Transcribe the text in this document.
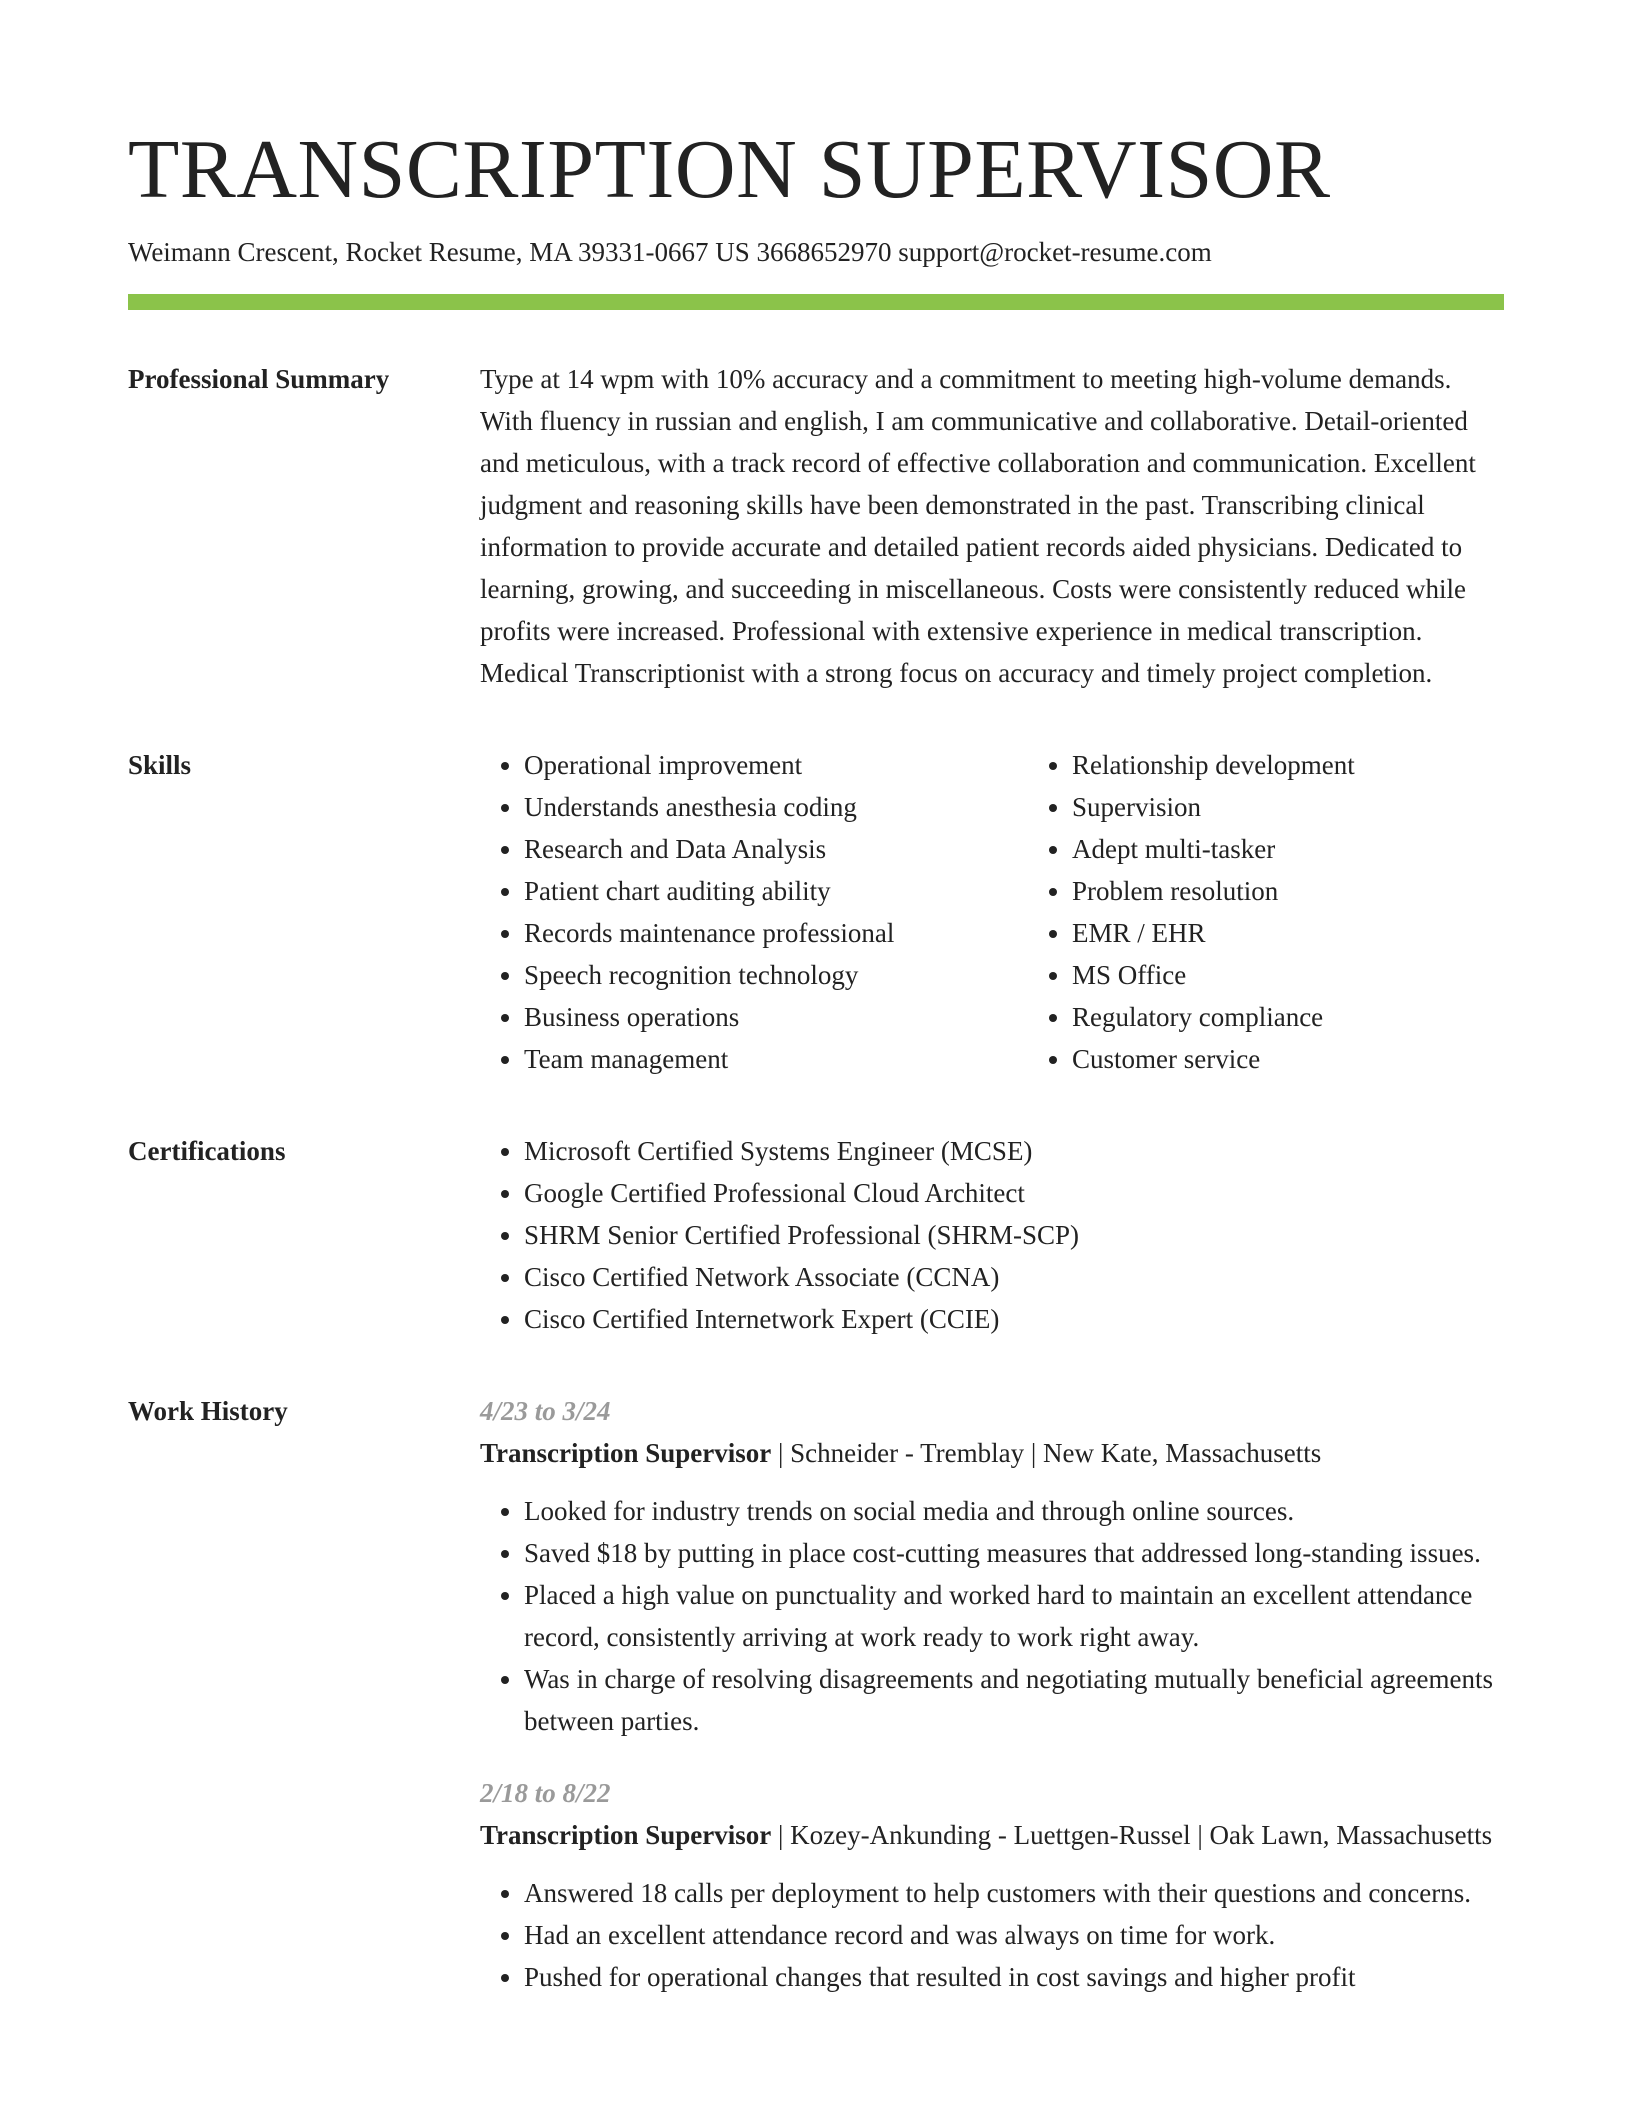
TRANSCRIPTION SUPERVISOR
Weimann Crescent, Rocket Resume, MA 39331-0667 US 3668652970 support@rocket-resume.com
Professional Summary	Type at 14 wpm with 10% accuracy and a commitment to meeting high-volume demands. With fluency in russian and english, I am communicative and collaborative. Detail-oriented and meticulous, with a track record of effective collaboration and communication. Excellent judgment and reasoning skills have been demonstrated in the past. Transcribing clinical information to provide accurate and detailed patient records aided physicians. Dedicated to learning, growing, and succeeding in miscellaneous. Costs were consistently reduced while profits were increased. Professional with extensive experience in medical transcription. Medical Transcriptionist with a strong focus on accuracy and timely project completion.

Skills	• Operational improvement
• Understands anesthesia coding
• Research and Data Analysis
• Patient chart auditing ability
• Records maintenance professional
• Speech recognition technology
• Business operations
• Team management
• Relationship development
• Supervision
• Adept multi-tasker
• Problem resolution
• EMR / EHR
• MS Office
• Regulatory compliance
• Customer service
Certifications	• Microsoft Certified Systems Engineer (MCSE)
• Google Certified Professional Cloud Architect
• SHRM Senior Certified Professional (SHRM-SCP)
• Cisco Certified Network Associate (CCNA)
• Cisco Certified Internetwork Expert (CCIE)
Work History	4/23 to 3/24

Transcription Supervisor | Schneider - Tremblay | New Kate, Massachusetts

• Looked for industry trends on social media and through online sources.
• Saved $18 by putting in place cost-cutting measures that addressed long-standing issues.
• Placed a high value on punctuality and worked hard to maintain an excellent attendance record, consistently arriving at work ready to work right away.
• Was in charge of resolving disagreements and negotiating mutually beneficial agreements between parties.
2/18 to 8/22

Transcription Supervisor | Kozey-Ankunding - Luettgen-Russel | Oak Lawn, Massachusetts

• Answered 18 calls per deployment to help customers with their questions and concerns.
• Had an excellent attendance record and was always on time for work.
• Pushed for operational changes that resulted in cost savings and higher profit
